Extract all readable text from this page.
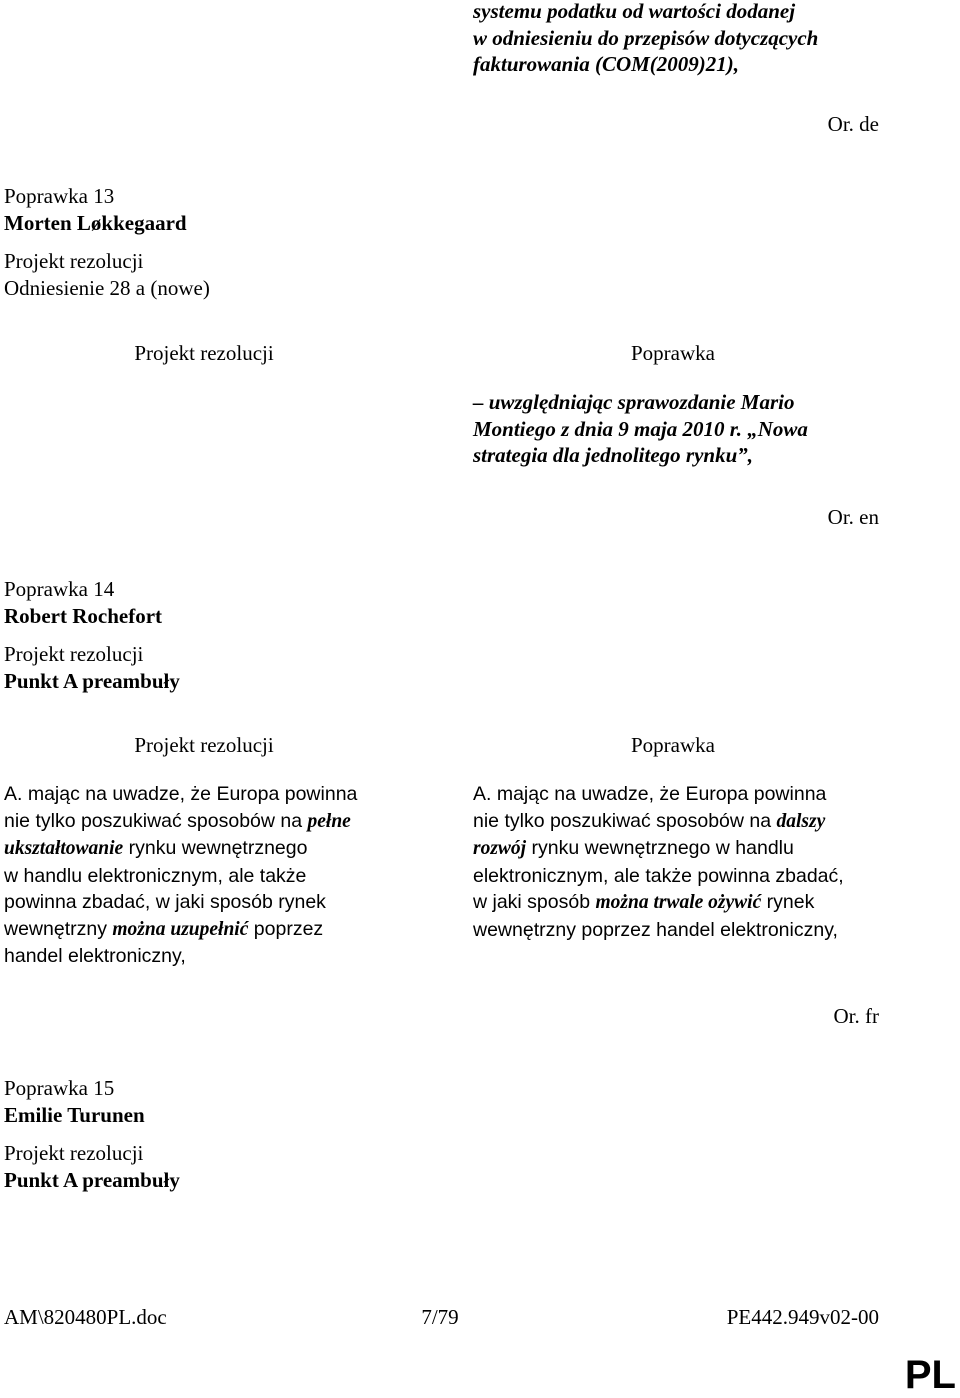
systemu podatku od wartości dodanej
w odniesieniu do przepisów dotyczących
fakturowania (COM(2009)21),
Or. de
Poprawka 13
Morten Løkkegaard
Projekt rezolucji
Odniesienie 28 a (nowe)
Projekt rezolucji	Poprawka
– uwzględniając sprawozdanie Mario
Montiego z dnia 9 maja 2010 r. „Nowa
strategia dla jednolitego rynku”,
Or. en
Poprawka 14
Robert Rochefort
Projekt rezolucji
Punkt A preambuły
Projekt rezolucji	Poprawka
A. mając na uwadze, że Europa powinna
nie tylko poszukiwać sposobów na pełne
ukształtowanie rynku wewnętrznego
w handlu elektronicznym, ale także
powinna zbadać, w jaki sposób rynek
wewnętrzny można uzupełnić poprzez
handel elektroniczny,
A. mając na uwadze, że Europa powinna
nie tylko poszukiwać sposobów na dalszy
rozwój rynku wewnętrznego w handlu
elektronicznym, ale także powinna zbadać,
w jaki sposób można trwale ożywić rynek
wewnętrzny poprzez handel elektroniczny,
Or. fr
Poprawka 15
Emilie Turunen
Projekt rezolucji
Punkt A preambuły
AM\820480PL.doc	7/79	PE442.949v02-00
PL
